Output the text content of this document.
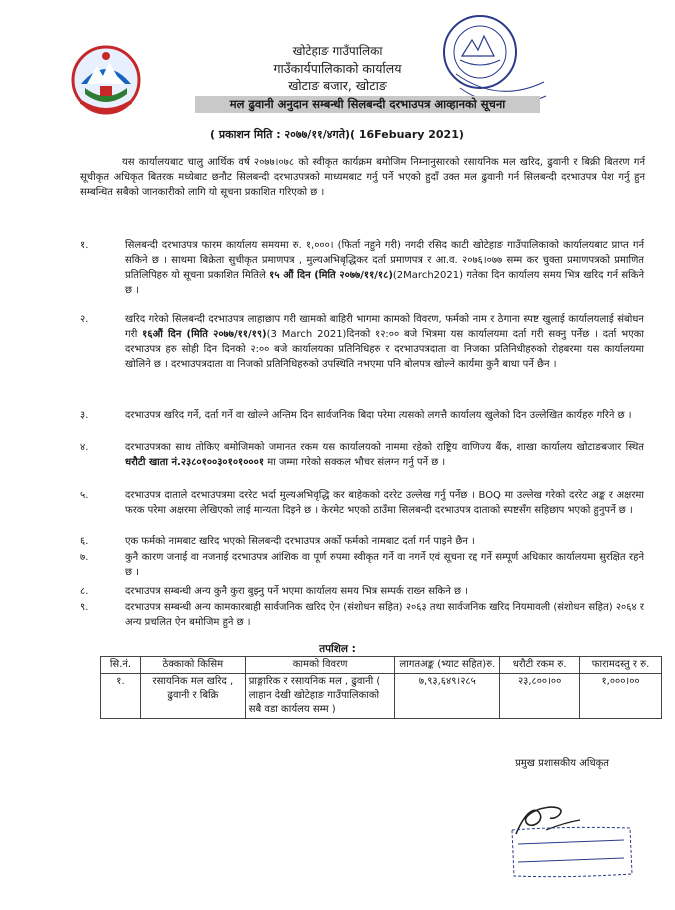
खोटेहाङ गाउँपालिका
गाउँकार्यपालिकाको कार्यालय
खोटाङ बजार, खोटाङ
मल ढुवानी अनुदान सम्बन्धी सिलबन्दी दरभाउपत्र आव्हानको सूचना
( प्रकाशन मिति : २०७७/११/४गते)( 16Febuary 2021)
यस कार्यालयबाट चालु आर्थिक वर्ष २०७७।०७८ को स्वीकृत कार्यक्रम बमोजिम निम्नानुसारको रसायनिक मल खरिद, ढुवानी र बिक्री बितरण गर्न सूचीकृत अधिकृत बितरक मध्येबाट छनौट सिलबन्दी दरभाउपत्रको माध्यमबाट गर्नु पर्ने भएको हुदाँ उक्त मल ढुवानी गर्न सिलबन्दी दरभाउपत्र पेश गर्नु हुन सम्बन्धित सबैको जानकारीको लागि यो सूचना प्रकाशित गरिएको छ ।
१.	सिलबन्दी दरभाउपत्र फारम कार्यालय समयमा रु. १,०००। (फिर्ता नहुने गरी) नगदी रसिद काटी खोटेहाङ गाउँपालिकाको कार्यालयबाट प्राप्त गर्न सकिने छ । साथमा बिक्रेता सुचीकृत प्रमाणपत्र , मुल्यअभिबृद्धिकर दर्ता प्रमाणपत्र र आ.व. २०७६।०७७ सम्म कर चुक्ता प्रमाणपत्रको प्रमाणित प्रतिलिपिहरु यो सूचना प्रकाशित मितिले १५ औं दिन (मिति २०७७/११/१८)(2March2021) गतेका दिन कार्यालय समय भित्र खरिद गर्न सकिने छ ।
२.	खरिद गरेको सिलबन्दी दरभाउपत्र लाहाछाप गरी खामको बाहिरी भागमा कामको विवरण, फर्मको नाम र ठेगाना स्पष्ट खुलाई कार्यालयलाई संबोधन गरी १६औं दिन (मिति २०७७/११/१९)(3 March 2021)दिनको १२:०० बजे भित्रमा यस कार्यालयमा दर्ता गरी सक्नु पर्नेछ । दर्ता भएका दरभाउपत्र हरु सोही दिन दिनको २:०० बजे कार्यालयका प्रतिनिधिहरु र दरभाउपत्रदाता वा निजका प्रतिनिधीहरुको रोहबरमा यस कार्यालयमा खोलिने छ । दरभाउपत्रदाता वा निजको प्रतिनिधिहरुको उपस्थिति नभएमा पनि बोलपत्र खोल्ने कार्यमा कुनै बाधा पर्ने छैन ।
३.	दरभाउपत्र खरिद गर्ने, दर्ता गर्ने वा खोल्ने अन्तिम दिन सार्वजनिक बिदा परेमा त्यसको लगत्तै कार्यालय खुलेको दिन उल्लेखित कार्यहरु गरिने छ ।
४.	दरभाउपत्रका साथ तोकिए बमोजिमको जमानत रकम यस कार्यालयको नाममा रहेको राष्ट्रिय वाणिज्य बैंक, शाखा कार्यालय खोटाङबजार स्थित धरौटी खाता नं.२३८०१००३०१०१०००१ मा जम्मा गरेको सक्कल भौचर संलग्न गर्नु पर्ने छ ।
५.	दरभाउपत्र दाताले दरभाउपत्रमा दररेट भर्दा मुल्यअभिवृद्धि कर बाहेकको दररेट उल्लेख गर्नु पर्नेछ । BOQ मा उल्लेख गरेको दररेट अङ्क र अक्षरमा फरक परेमा अक्षरमा लेखिएको लाई मान्यता दिइने छ । केरमेट भएको ठाउँमा सिलबन्दी दरभाउपत्र दाताको स्पष्टसँग सहिछाप भएको हुनुपर्ने छ ।
६.	एक फर्मको नामबाट खरिद भएको सिलबन्दी दरभाउपत्र अर्को फर्मको नामबाट दर्ता गर्न पाइने छैन ।
७.	कुनै कारण जनाई वा नजनाई दरभाउपत्र आंशिक वा पूर्ण रुपमा स्वीकृत गर्ने वा नगर्ने एवं सूचना रद्द गर्ने सम्पूर्ण अधिकार कार्यालयमा सुरक्षित रहने छ ।
८.	दरभाउपत्र सम्बन्धी अन्य कुनै कुरा बुझ्नु पर्ने भएमा कार्यालय समय भित्र सम्पर्क राख्न सकिने छ ।
९.	दरभाउपत्र सम्बन्धी अन्य कामकारबाही सार्वजनिक खरिद ऐन (संशोधन सहित) २०६३ तथा सार्वजनिक खरिद नियमावली (संशोधन सहित) २०६४ र अन्य प्रचलित ऐन बमोजिम हुने छ ।
तपशिल :
सि.नं.	ठेक्काको किसिम	कामको विवरण	लागतअङ्क (भ्याट सहित)रु.	धरौटी रकम रु.	फारामदस्तु र रु.
१.	रसायनिक मल खरिद , ढुवानी र बिक्रि	प्राङ्गारिक र रसायनिक मल , ढुवानी ( लाहान देखी खोटेहाङ गाउँपालिकाको सबै वडा कार्यलय सम्म )	७,९३,६४९।२८५	२३,८००।००	१,०००।००
प्रमुख प्रशासकीय अधिकृत
